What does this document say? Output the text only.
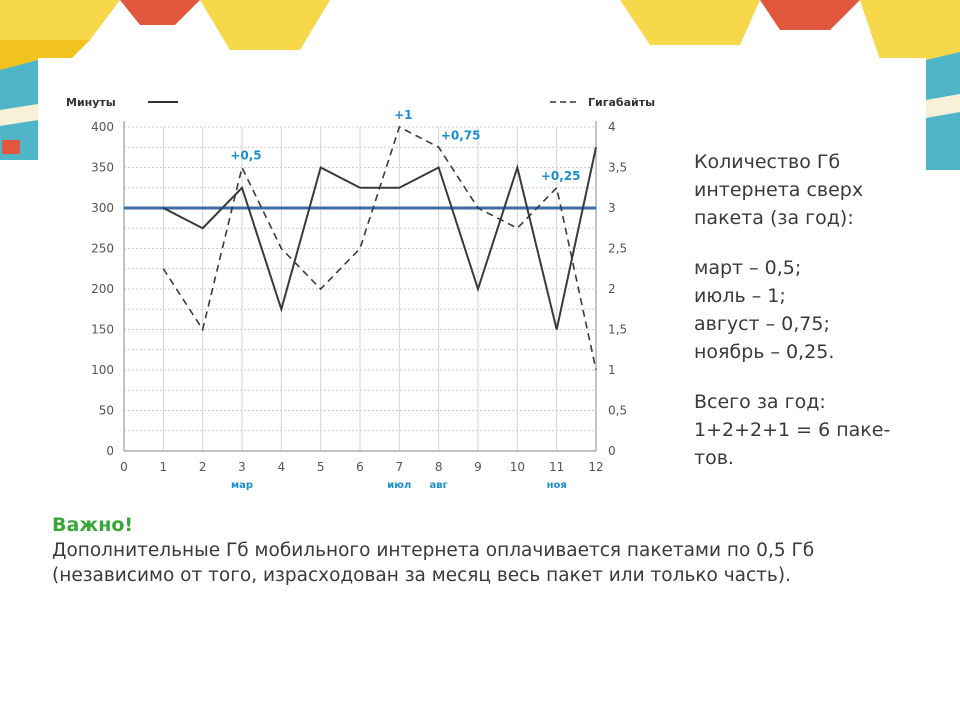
0
50
100
150
200
250
300
350
400
0
0,5
1
1,5
2
2,5
3
3,5
4
0	1	2	3	4	5	6	7	8	9 10 11 12
мар	июл авг	ноя
+0,5
+1
+0,75
+0,25
Минуты	Гигабайты
Количество Гб
интернета сверх
пакета (за год):
март – 0,5;
июль – 1;
август – 0,75;
ноябрь – 0,25.
Всего за год:
1+2+2+1 = 6 паке-
тов.
Важно!
Дополнительные Гб мобильного интернета оплачивается пакетами по 0,5 Гб
(независимо от того, израсходован за месяц весь пакет или только часть).
